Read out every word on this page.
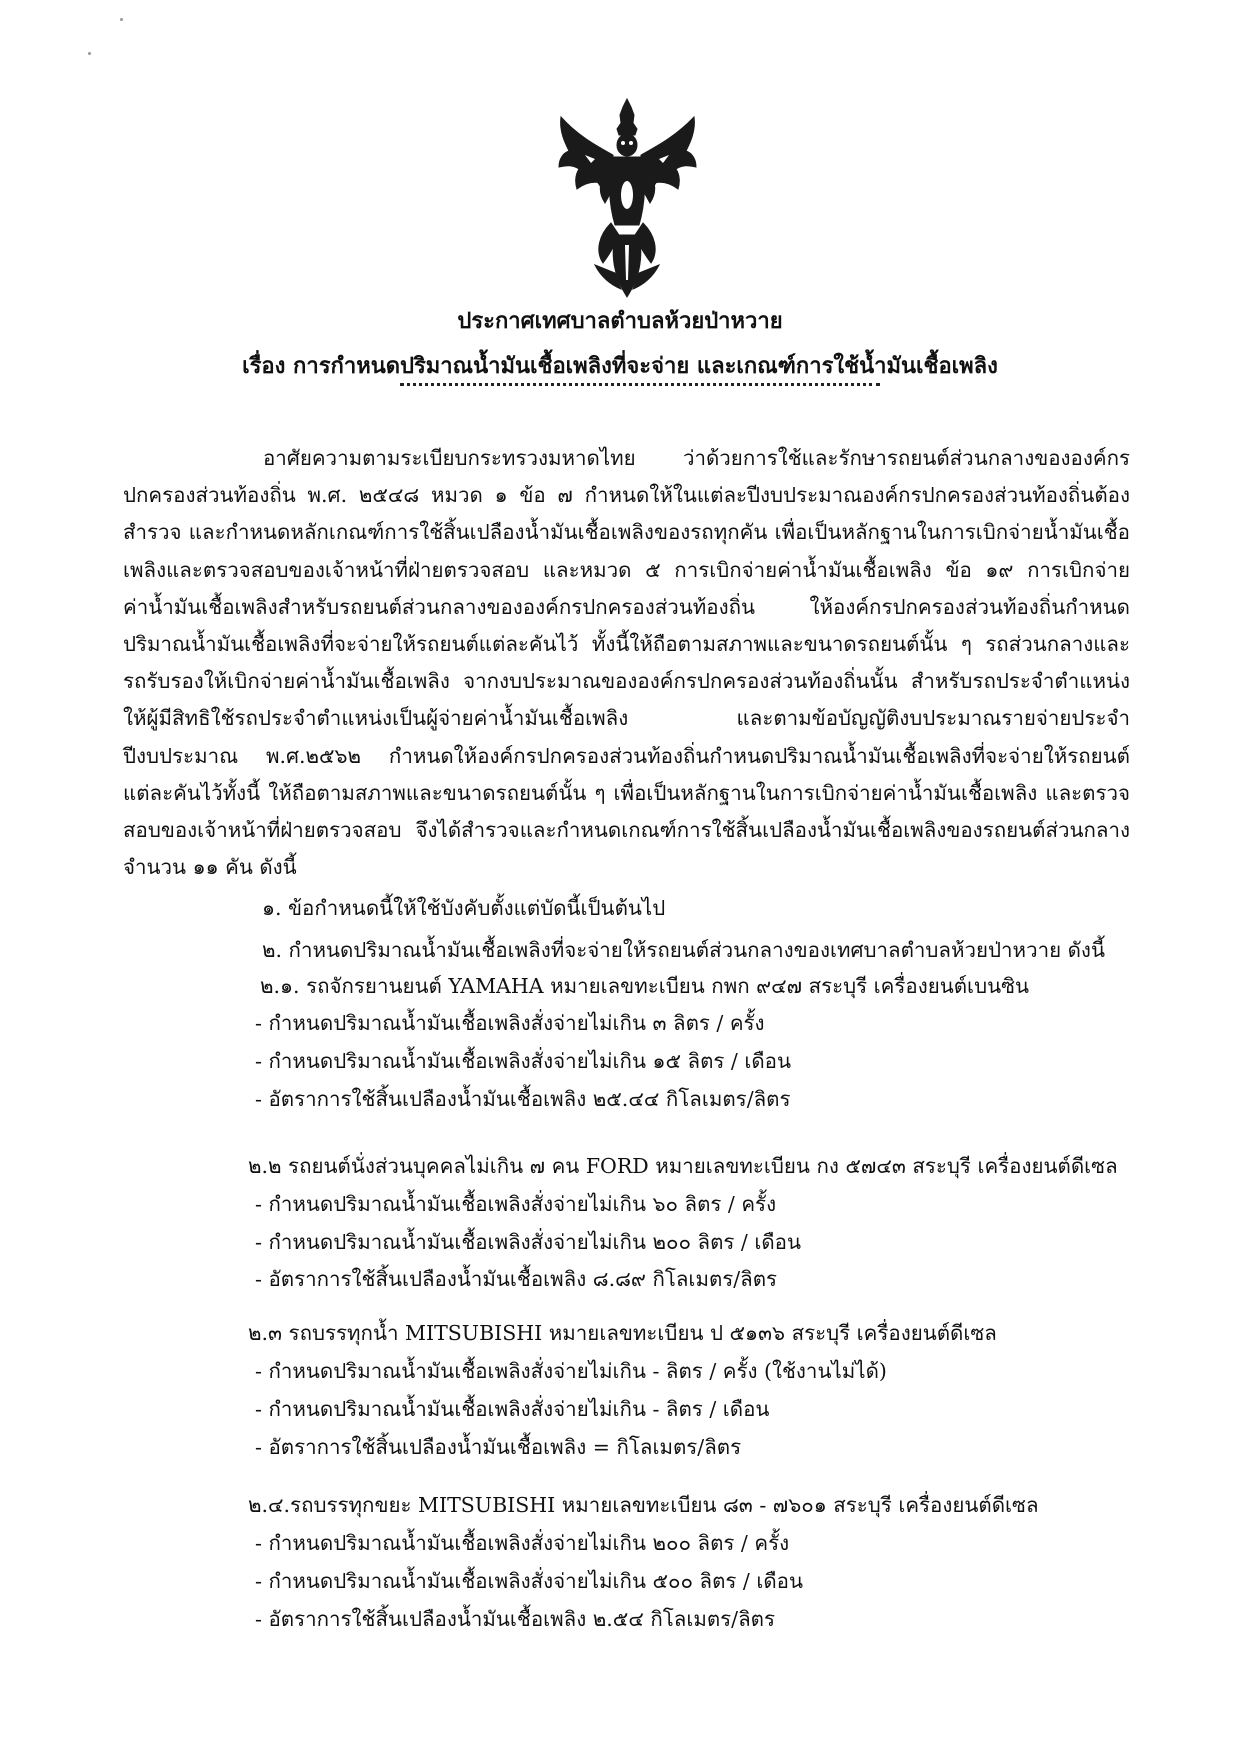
ประกาศเทศบาลตำบลห้วยป่าหวาย
เรื่อง การกำหนดปริมาณน้ำมันเชื้อเพลิงที่จะจ่าย และเกณฑ์การใช้น้ำมันเชื้อเพลิง

อาศัยความตามระเบียบกระทรวงมหาดไทย ว่าด้วยการใช้และรักษารถยนต์ส่วนกลางขององค์กรปกครองส่วนท้องถิ่น พ.ศ. ๒๕๔๘ หมวด ๑ ข้อ ๗ กำหนดให้ในแต่ละปีงบประมาณองค์กรปกครองส่วนท้องถิ่นต้องสำรวจ และกำหนดหลักเกณฑ์การใช้สิ้นเปลืองน้ำมันเชื้อเพลิงของรถทุกคัน เพื่อเป็นหลักฐานในการเบิกจ่ายน้ำมันเชื้อเพลิงและตรวจสอบของเจ้าหน้าที่ฝ่ายตรวจสอบ และหมวด ๕ การเบิกจ่ายค่าน้ำมันเชื้อเพลิง ข้อ ๑๙ การเบิกจ่ายค่าน้ำมันเชื้อเพลิงสำหรับรถยนต์ส่วนกลางขององค์กรปกครองส่วนท้องถิ่น ให้องค์กรปกครองส่วนท้องถิ่นกำหนดปริมาณน้ำมันเชื้อเพลิงที่จะจ่ายให้รถยนต์แต่ละคันไว้ ทั้งนี้ให้ถือตามสภาพและขนาดรถยนต์นั้น ๆ รถส่วนกลางและรถรับรองให้เบิกจ่ายค่าน้ำมันเชื้อเพลิง จากงบประมาณขององค์กรปกครองส่วนท้องถิ่นนั้น สำหรับรถประจำตำแหน่ง ให้ผู้มีสิทธิใช้รถประจำตำแหน่งเป็นผู้จ่ายค่าน้ำมันเชื้อเพลิง และตามข้อบัญญัติงบประมาณรายจ่ายประจำปีงบประมาณ พ.ศ.๒๕๖๒ กำหนดให้องค์กรปกครองส่วนท้องถิ่นกำหนดปริมาณน้ำมันเชื้อเพลิงที่จะจ่ายให้รถยนต์แต่ละคันไว้ทั้งนี้ ให้ถือตามสภาพและขนาดรถยนต์นั้น ๆ เพื่อเป็นหลักฐานในการเบิกจ่ายค่าน้ำมันเชื้อเพลิง และตรวจสอบของเจ้าหน้าที่ฝ่ายตรวจสอบ จึงได้สำรวจและกำหนดเกณฑ์การใช้สิ้นเปลืองน้ำมันเชื้อเพลิงของรถยนต์ส่วนกลาง จำนวน ๑๑ คัน ดังนี้

๑. ข้อกำหนดนี้ให้ใช้บังคับตั้งแต่บัดนี้เป็นต้นไป

๒. กำหนดปริมาณน้ำมันเชื้อเพลิงที่จะจ่ายให้รถยนต์ส่วนกลางของเทศบาลตำบลห้วยป่าหวาย ดังนี้

๒.๑. รถจักรยานยนต์ YAMAHA หมายเลขทะเบียน กพก ๙๔๗ สระบุรี เครื่องยนต์เบนซิน

- กำหนดปริมาณน้ำมันเชื้อเพลิงสั่งจ่ายไม่เกิน ๓ ลิตร / ครั้ง

- กำหนดปริมาณน้ำมันเชื้อเพลิงสั่งจ่ายไม่เกิน ๑๕ ลิตร / เดือน

- อัตราการใช้สิ้นเปลืองน้ำมันเชื้อเพลิง ๒๕.๔๔ กิโลเมตร/ลิตร

๒.๒ รถยนต์นั่งส่วนบุคคลไม่เกิน ๗ คน FORD หมายเลขทะเบียน กง ๕๗๔๓ สระบุรี เครื่องยนต์ดีเซล

- กำหนดปริมาณน้ำมันเชื้อเพลิงสั่งจ่ายไม่เกิน ๖๐ ลิตร / ครั้ง

- กำหนดปริมาณน้ำมันเชื้อเพลิงสั่งจ่ายไม่เกิน ๒๐๐ ลิตร / เดือน

- อัตราการใช้สิ้นเปลืองน้ำมันเชื้อเพลิง ๘.๘๙ กิโลเมตร/ลิตร

๒.๓ รถบรรทุกน้ำ MITSUBISHI หมายเลขทะเบียน ป ๕๑๓๖ สระบุรี เครื่องยนต์ดีเซล

- กำหนดปริมาณน้ำมันเชื้อเพลิงสั่งจ่ายไม่เกิน - ลิตร / ครั้ง (ใช้งานไม่ได้)

- กำหนดปริมาณน้ำมันเชื้อเพลิงสั่งจ่ายไม่เกิน - ลิตร / เดือน

- อัตราการใช้สิ้นเปลืองน้ำมันเชื้อเพลิง = กิโลเมตร/ลิตร

๒.๔.รถบรรทุกขยะ MITSUBISHI หมายเลขทะเบียน ๘๓ - ๗๖๐๑ สระบุรี เครื่องยนต์ดีเซล

- กำหนดปริมาณน้ำมันเชื้อเพลิงสั่งจ่ายไม่เกิน ๒๐๐ ลิตร / ครั้ง

- กำหนดปริมาณน้ำมันเชื้อเพลิงสั่งจ่ายไม่เกิน ๕๐๐ ลิตร / เดือน

- อัตราการใช้สิ้นเปลืองน้ำมันเชื้อเพลิง ๒.๕๔ กิโลเมตร/ลิตร
